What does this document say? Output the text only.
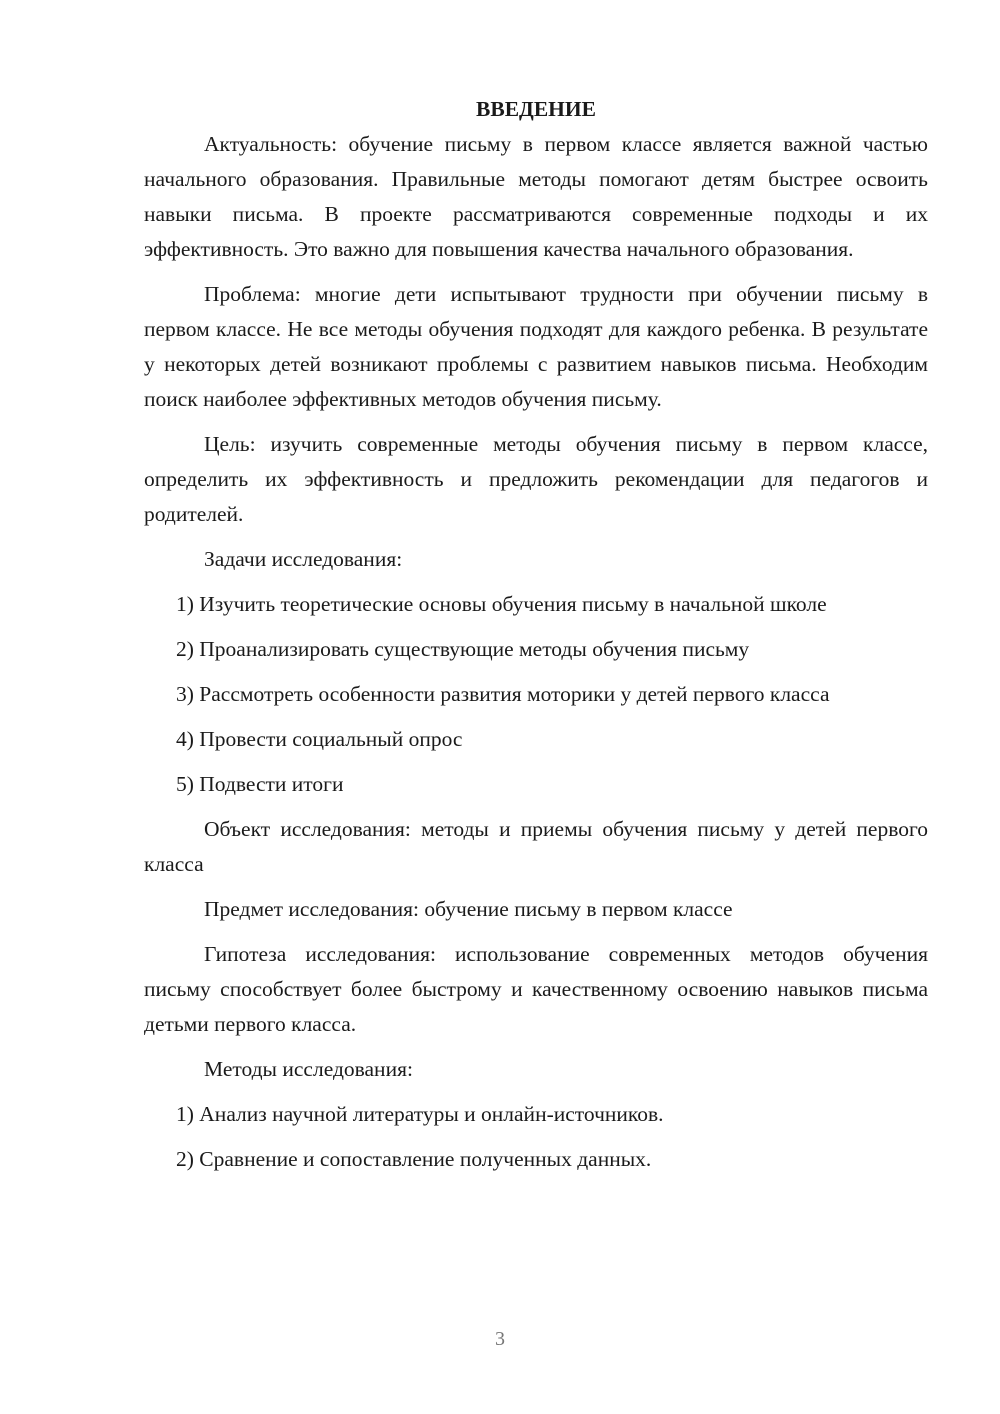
ВВЕДЕНИЕ

Актуальность: обучение письму в первом классе является важной частью начального образования. Правильные методы помогают детям быстрее освоить навыки письма. В проекте рассматриваются современные подходы и их эффективность. Это важно для повышения качества начального образования.

Проблема: многие дети испытывают трудности при обучении письму в первом классе. Не все методы обучения подходят для каждого ребенка. В результате у некоторых детей возникают проблемы с развитием навыков письма. Необходим поиск наиболее эффективных методов обучения письму.

Цель: изучить современные методы обучения письму в первом классе, определить их эффективность и предложить рекомендации для педагогов и родителей.

Задачи исследования:

1) Изучить теоретические основы обучения письму в начальной школе

2) Проанализировать существующие методы обучения письму

3) Рассмотреть особенности развития моторики у детей первого класса

4) Провести социальный опрос

5) Подвести итоги

Объект исследования: методы и приемы обучения письму у детей первого класса

Предмет исследования: обучение письму в первом классе

Гипотеза исследования: использование современных методов обучения письму способствует более быстрому и качественному освоению навыков письма детьми первого класса.

Методы исследования:

1) Анализ научной литературы и онлайн-источников.

2) Сравнение и сопоставление полученных данных.

3
